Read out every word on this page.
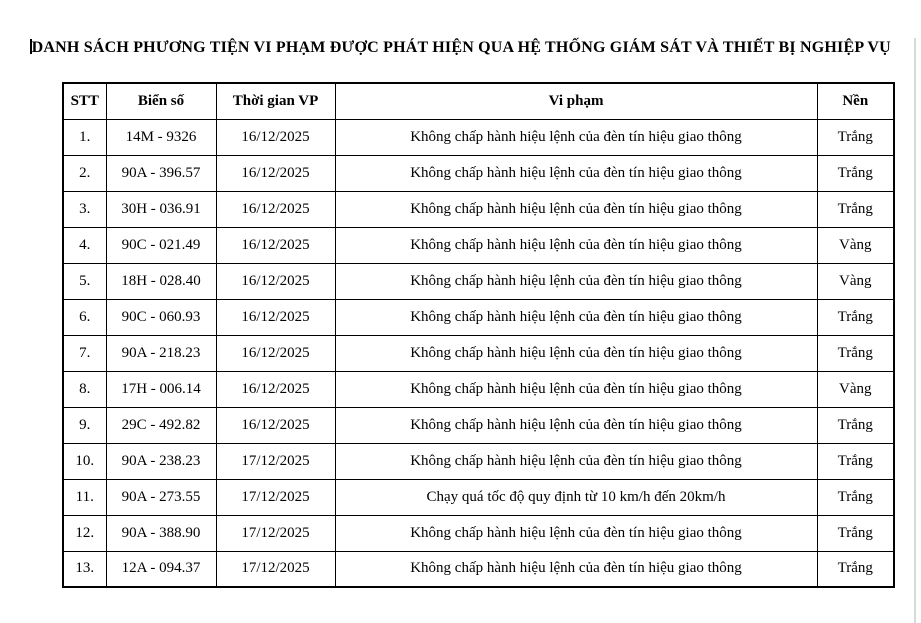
DANH SÁCH PHƯƠNG TIỆN VI PHẠM ĐƯỢC PHÁT HIỆN QUA HỆ THỐNG GIÁM SÁT VÀ THIẾT BỊ NGHIỆP VỤ
STT	Biển số	Thời gian VP	Vi phạm	Nền
1.	14M - 9326	16/12/2025	Không chấp hành hiệu lệnh của đèn tín hiệu giao thông	Trắng
2.	90A - 396.57	16/12/2025	Không chấp hành hiệu lệnh của đèn tín hiệu giao thông	Trắng
3.	30H - 036.91	16/12/2025	Không chấp hành hiệu lệnh của đèn tín hiệu giao thông	Trắng
4.	90C - 021.49	16/12/2025	Không chấp hành hiệu lệnh của đèn tín hiệu giao thông	Vàng
5.	18H - 028.40	16/12/2025	Không chấp hành hiệu lệnh của đèn tín hiệu giao thông	Vàng
6.	90C - 060.93	16/12/2025	Không chấp hành hiệu lệnh của đèn tín hiệu giao thông	Trắng
7.	90A - 218.23	16/12/2025	Không chấp hành hiệu lệnh của đèn tín hiệu giao thông	Trắng
8.	17H - 006.14	16/12/2025	Không chấp hành hiệu lệnh của đèn tín hiệu giao thông	Vàng
9.	29C - 492.82	16/12/2025	Không chấp hành hiệu lệnh của đèn tín hiệu giao thông	Trắng
10.	90A - 238.23	17/12/2025	Không chấp hành hiệu lệnh của đèn tín hiệu giao thông	Trắng
11.	90A - 273.55	17/12/2025	Chạy quá tốc độ quy định từ 10 km/h đến 20km/h	Trắng
12.	90A - 388.90	17/12/2025	Không chấp hành hiệu lệnh của đèn tín hiệu giao thông	Trắng
13.	12A - 094.37	17/12/2025	Không chấp hành hiệu lệnh của đèn tín hiệu giao thông	Trắng
